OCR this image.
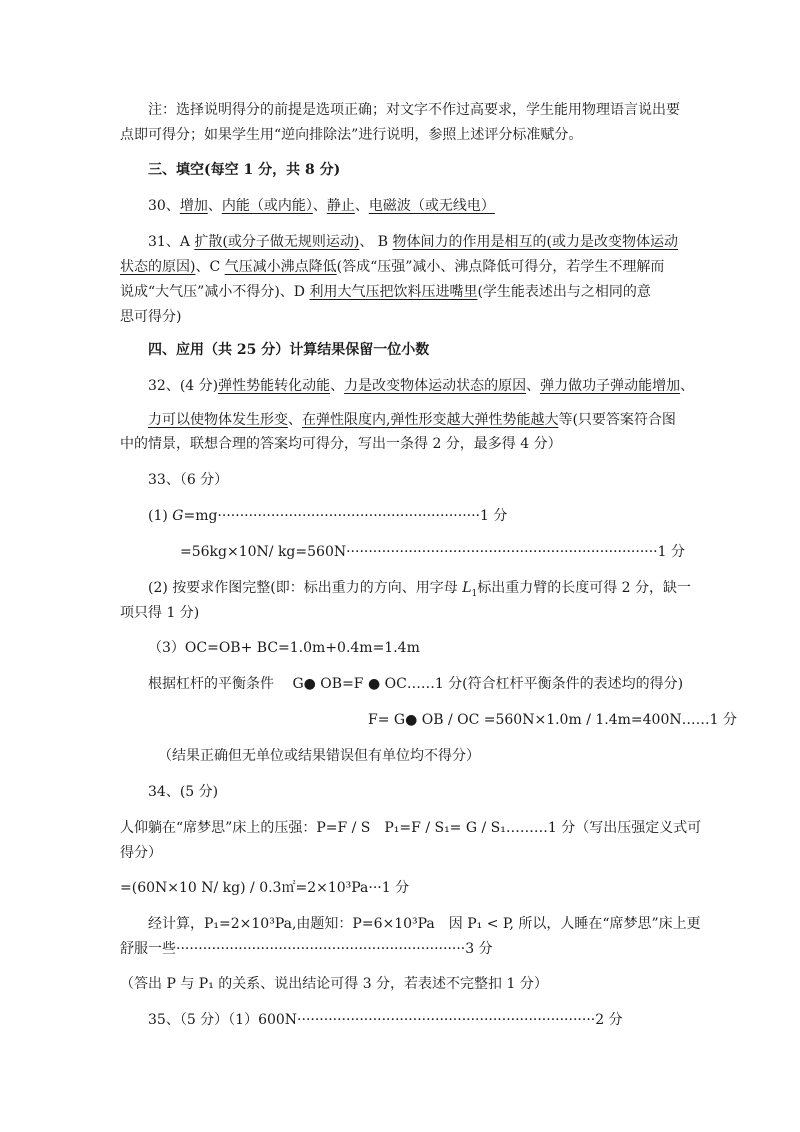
注：选择说明得分的前提是选项正确；对文字不作过高要求，学生能用物理语言说出要
点即可得分；如果学生用“逆向排除法”进行说明，参照上述评分标准赋分。
三、填空(每空 1 分，共 8 分)
30、增加、内能（或内能）、静止、电磁波（或无线电）
31、A 扩散(或分子做无规则运动)、 B 物体间力的作用是相互的(或力是改变物体运动
状态的原因)、C 气压减小沸点降低(答成“压强”减小、沸点降低可得分，若学生不理解而
说成“大气压”减小不得分)、D 利用大气压把饮料压进嘴里(学生能表述出与之相同的意
思可得分)
四、应用（共 25 分）计算结果保留一位小数
32、(4 分)弹性势能转化动能、力是改变物体运动状态的原因、弹力做功子弹动能增加、
力可以使物体发生形变、在弹性限度内,弹性形变越大弹性势能越大等(只要答案符合图
中的情景，联想合理的答案均可得分，写出一条得 2 分，最多得 4 分）
33、（6 分）
(1) G=mg···························································1 分
=56kg×10N/ kg=560N······································································1 分
(2) 按要求作图完整(即：标出重力的方向、用字母 $L_1$标出重力臂的长度可得 2 分，缺一
项只得 1 分)
（3）OC=OB+ BC=1.0m+0.4m=1.4m
根据杠杆的平衡条件　 G● OB=F ● OC……1 分(符合杠杆平衡条件的表述均的得分)
F= G● OB / OC =560N×1.0m / 1.4m=400N……1 分
（结果正确但无单位或结果错误但有单位均不得分）
34、(5 分)
人仰躺在“席梦思”床上的压强：P=F / S　P₁=F / S₁= G / S₁………1 分（写出压强定义式可
得分）
=(60N×10 N/ kg) / 0.3㎡=2×10³Pa···1 分
经计算，P₁=2×10³Pa,由题知：P=6×10³Pa　因 P₁ < P, 所以，人睡在“席梦思”床上更
舒服一些·································································3 分
（答出 P 与 P₁ 的关系、说出结论可得 3 分，若表述不完整扣 1 分）
35、（5 分）（1）600N···································································2 分
